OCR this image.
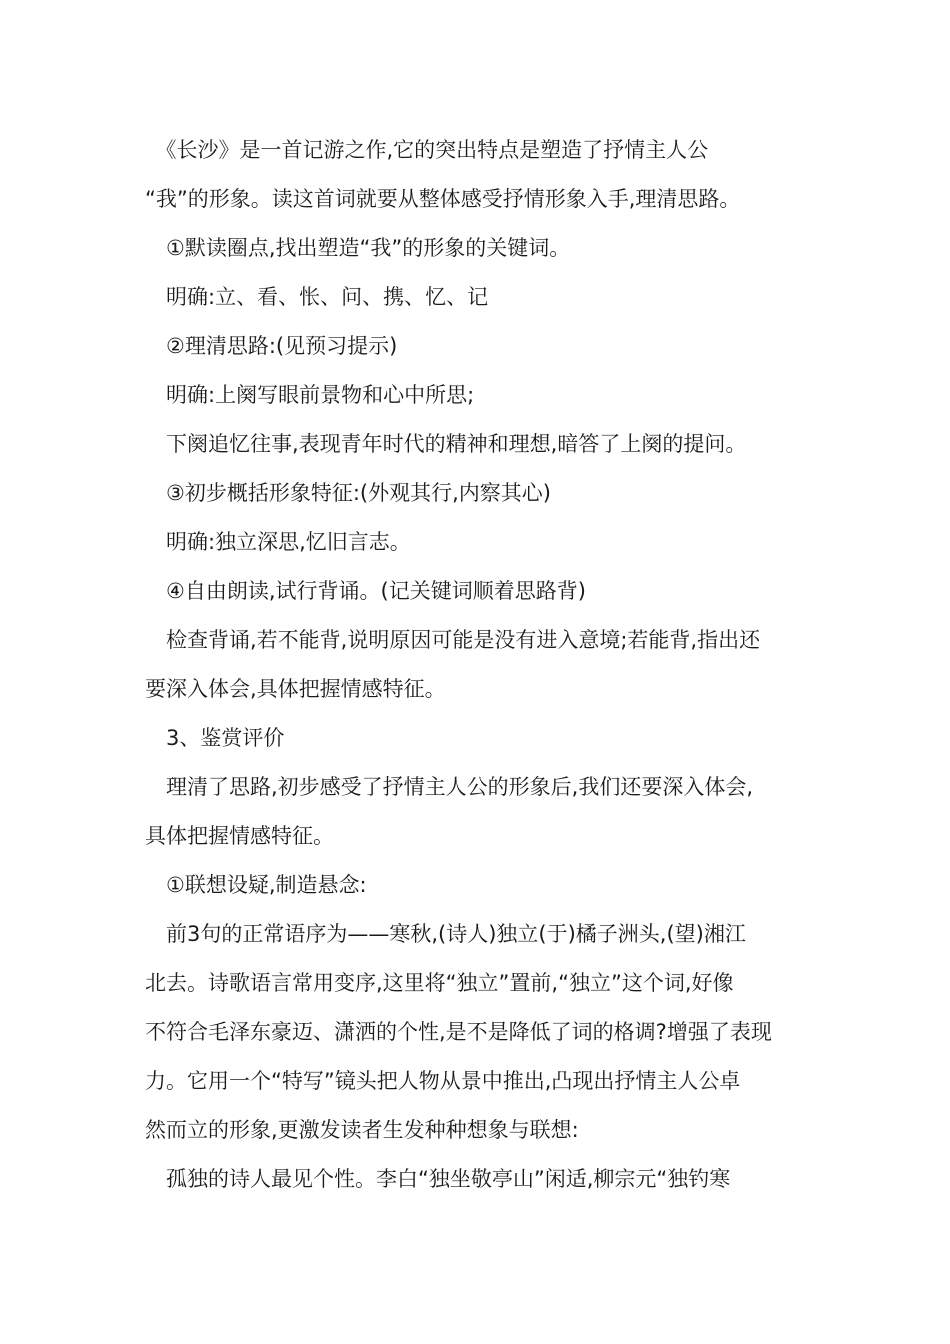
　《长沙》是一首记游之作,它的突出特点是塑造了抒情主人公
“我”的形象。读这首词就要从整体感受抒情形象入手,理清思路。
　①默读圈点,找出塑造“我”的形象的关键词。
　明确:立、看、怅、问、携、忆、记
　②理清思路:(见预习提示)
　明确:上阕写眼前景物和心中所思;
　下阕追忆往事,表现青年时代的精神和理想,暗答了上阕的提问。
　③初步概括形象特征:(外观其行,内察其心)
　明确:独立深思,忆旧言志。
　④自由朗读,试行背诵。(记关键词顺着思路背)
　检查背诵,若不能背,说明原因可能是没有进入意境;若能背,指出还
要深入体会,具体把握情感特征。
　3、鉴赏评价
　理清了思路,初步感受了抒情主人公的形象后,我们还要深入体会,
具体把握情感特征。
　①联想设疑,制造悬念:
　前3句的正常语序为——寒秋,(诗人)独立(于)橘子洲头,(望)湘江
北去。诗歌语言常用变序,这里将“独立”置前,“独立”这个词,好像
不符合毛泽东豪迈、潇洒的个性,是不是降低了词的格调?增强了表现
力。它用一个“特写”镜头把人物从景中推出,凸现出抒情主人公卓
然而立的形象,更激发读者生发种种想象与联想:
　孤独的诗人最见个性。李白“独坐敬亭山”闲适,柳宗元“独钓寒
